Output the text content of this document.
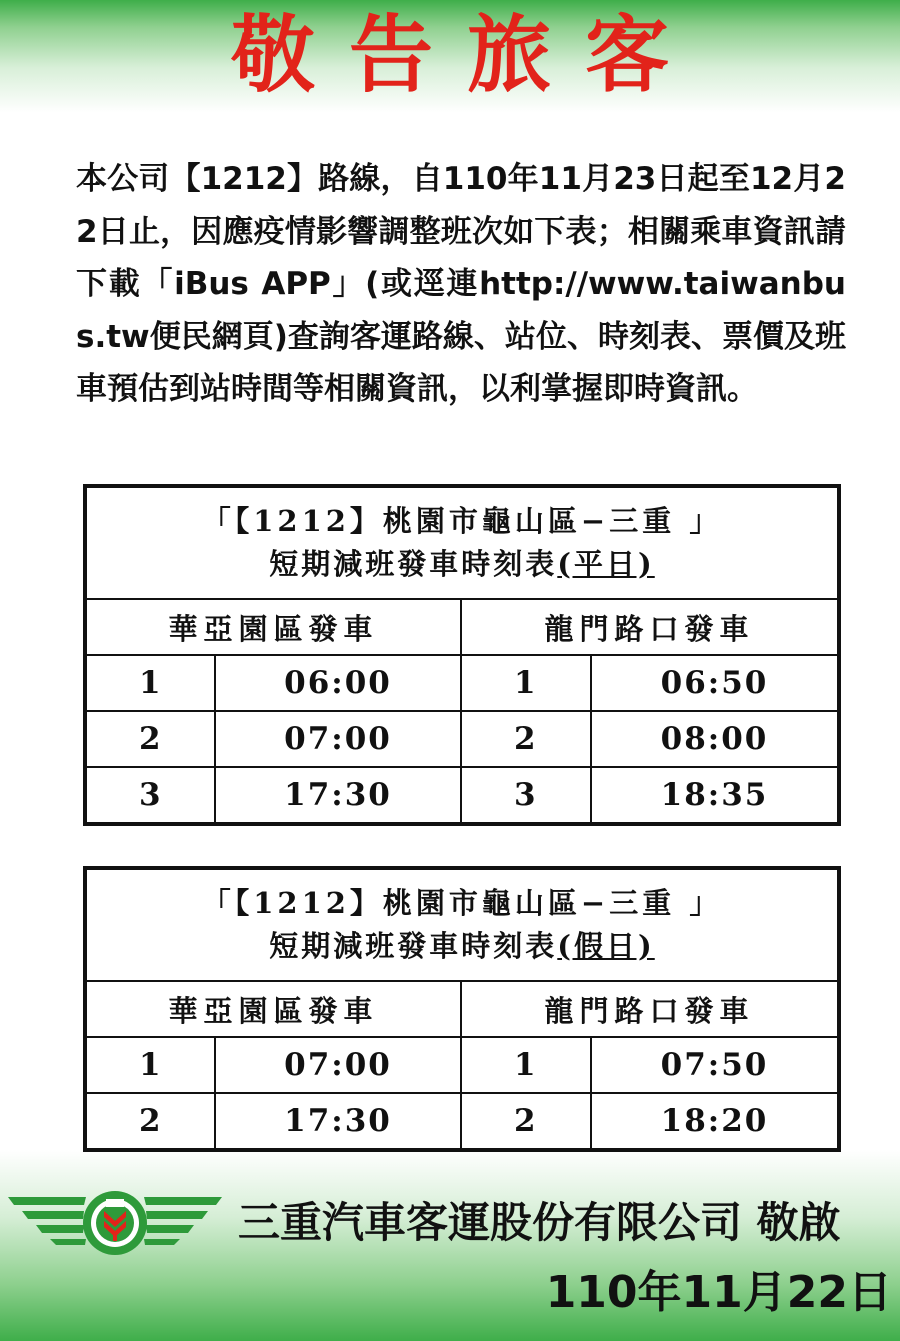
敬告旅客
本公司【1212】路線，自110年11月23日起至12月22日止，因應疫情影響調整班次如下表；相關乘車資訊請下載「iBus APP」(或逕連http://www.taiwanbus.tw便民網頁)查詢客運路線、站位、時刻表、票價及班車預估到站時間等相關資訊，以利掌握即時資訊。
「【1212】桃園市龜山區−三重 」
短期減班發車時刻表(平日)			

華亞園區發車		龍門路口發車	
1	06:00	1	06:50
2	07:00	2	08:00
3	17:30	3	18:35
「【1212】桃園市龜山區−三重 」
短期減班發車時刻表(假日)			

華亞園區發車		龍門路口發車	
1	07:00	1	07:50
2	17:30	2	18:20
三重汽車客運股份有限公司 敬啟
110年11月22日
